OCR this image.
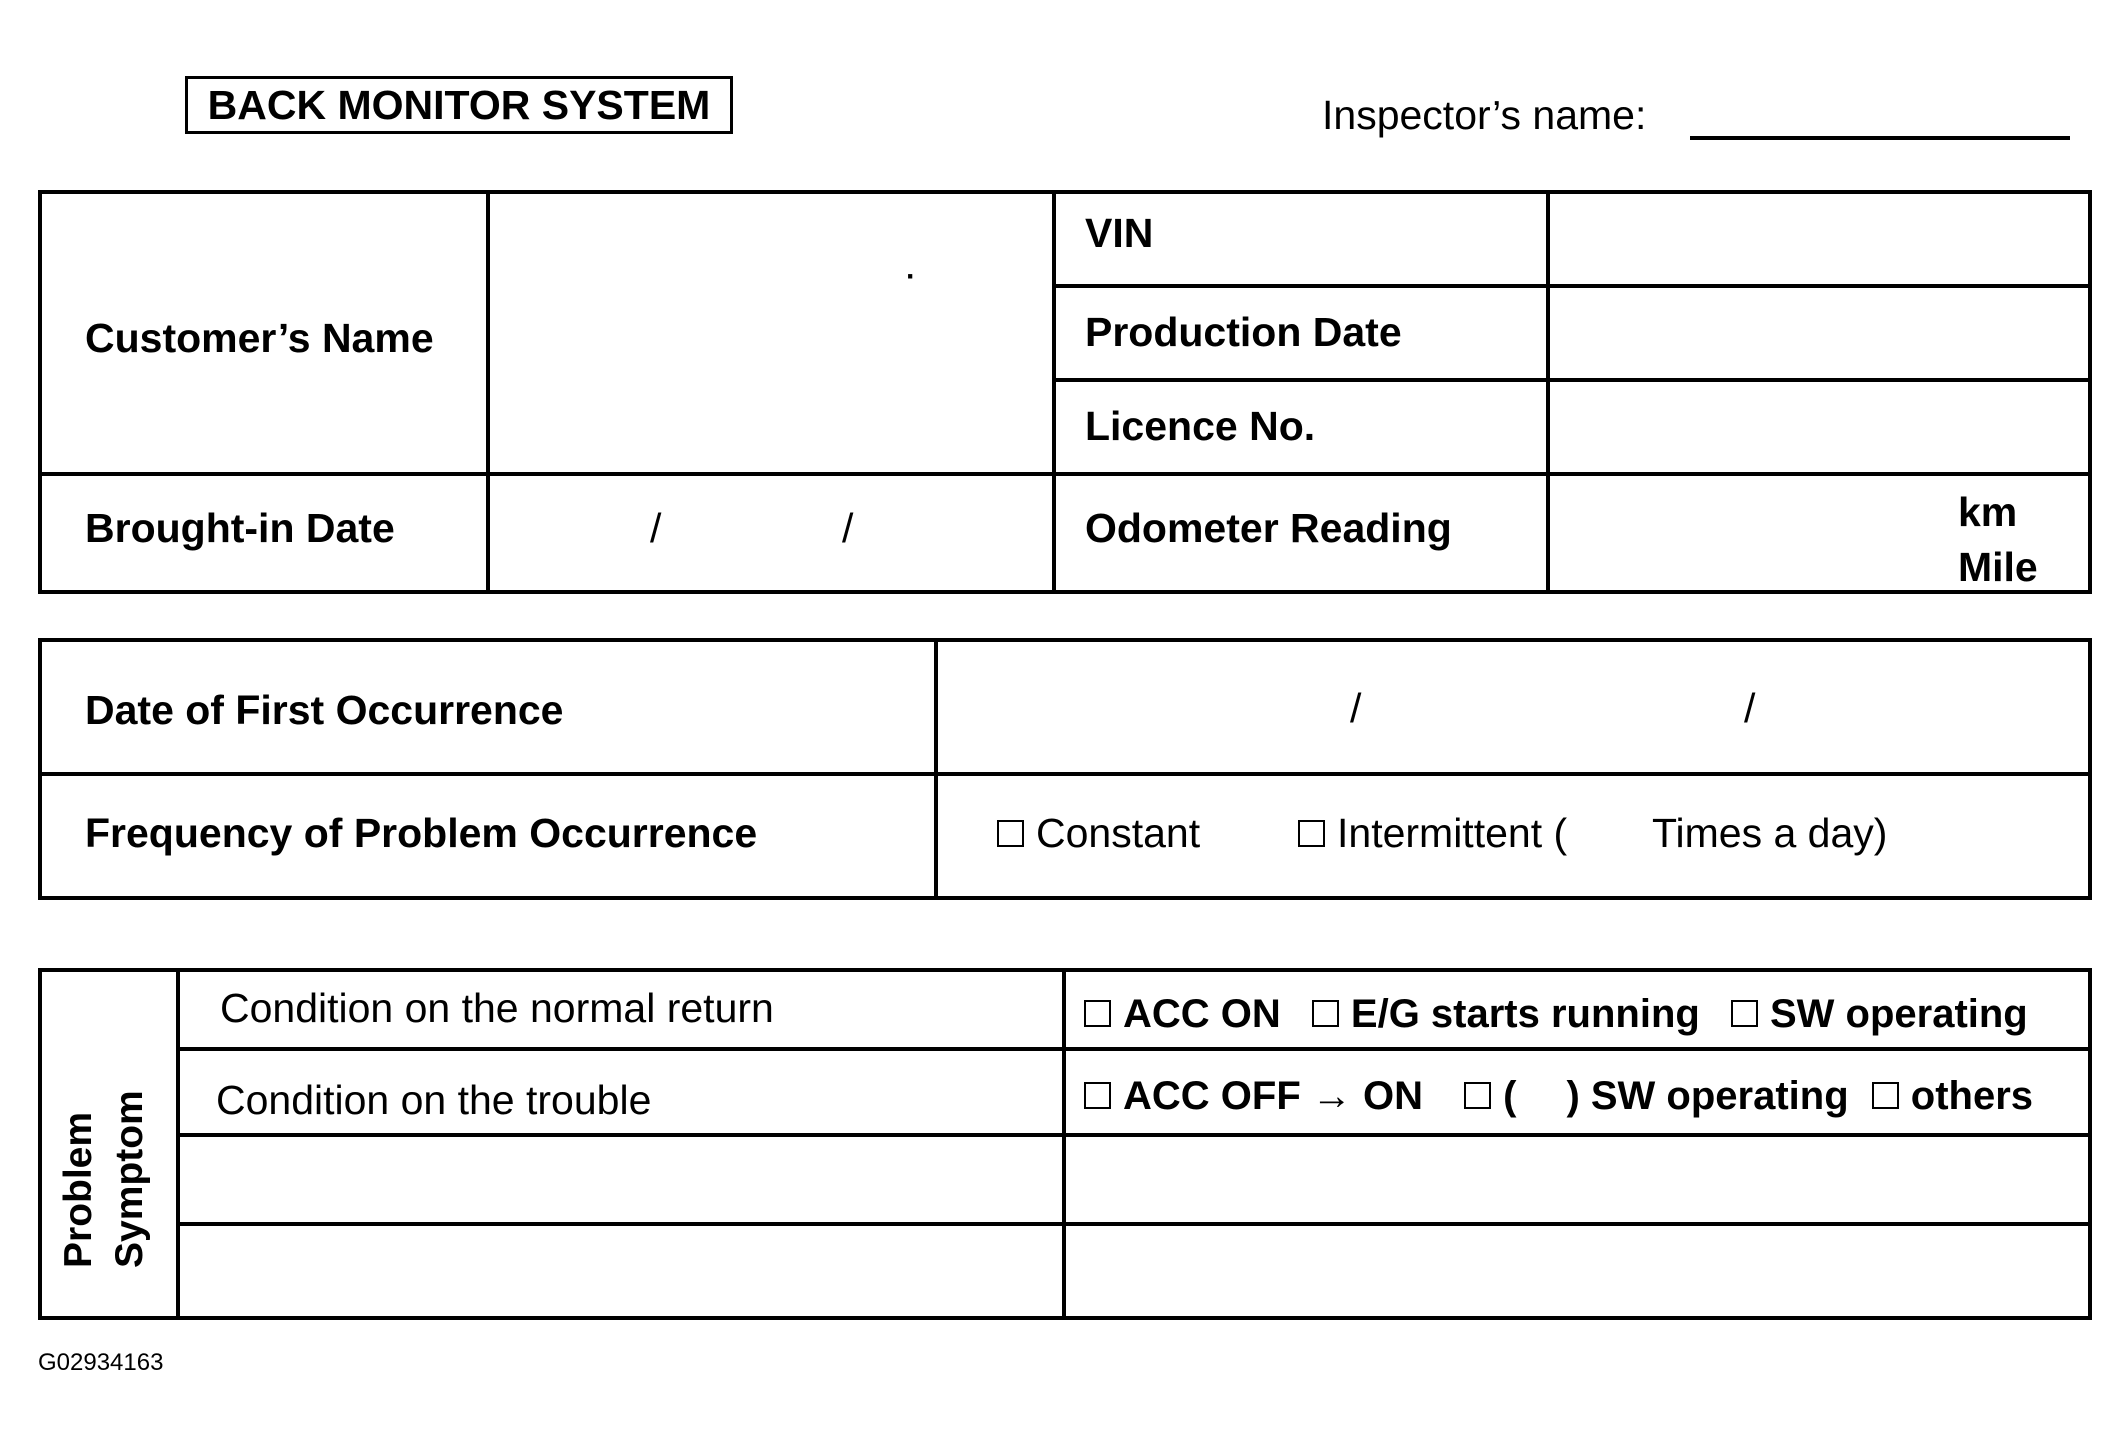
BACK MONITOR SYSTEM	Inspector’s name:
Customer’s Name
·
VIN
Production Date
Licence No.
Brought-in Date	/	/	Odometer Reading	km
Mile
Date of First Occurrence	/	/
Frequency of Problem Occurrence	Constant	Intermittent ( Times a day)
Problem Symptom
Condition on the normal return	ACC ON E/G starts running SW operating
Condition on the trouble	ACC OFF → ON ( ) SW operating others
G02934163
